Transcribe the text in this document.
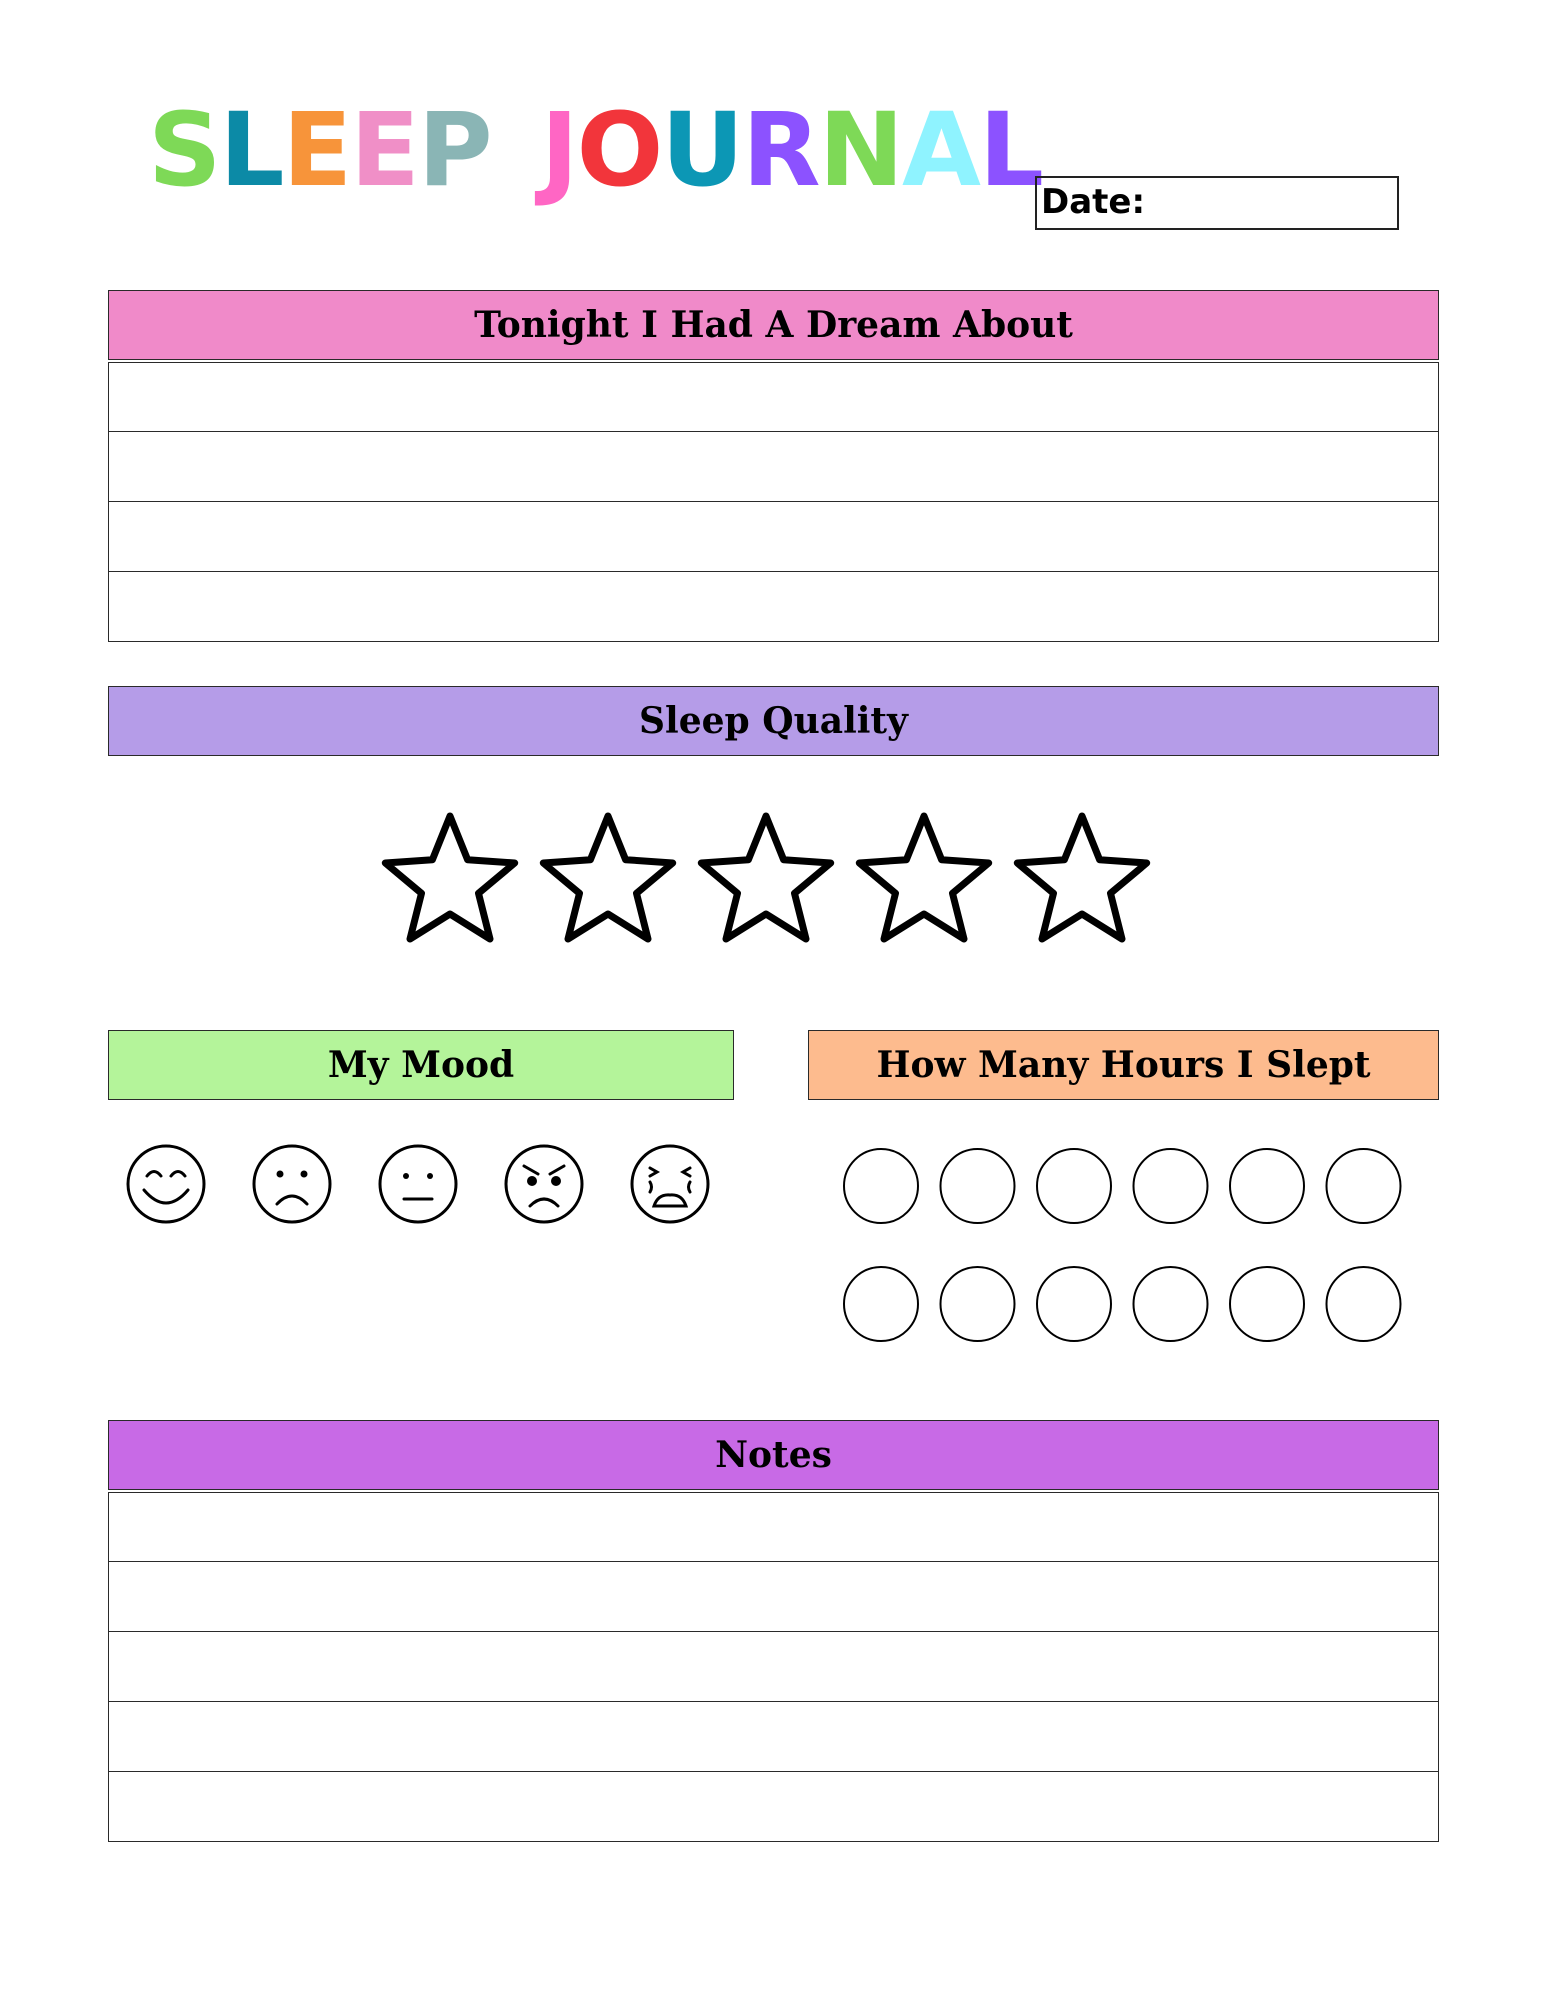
SLEEP JOURNAL Date:
Tonight I Had A Dream About
Sleep Quality
My Mood	How Many Hours I Slept
Notes
